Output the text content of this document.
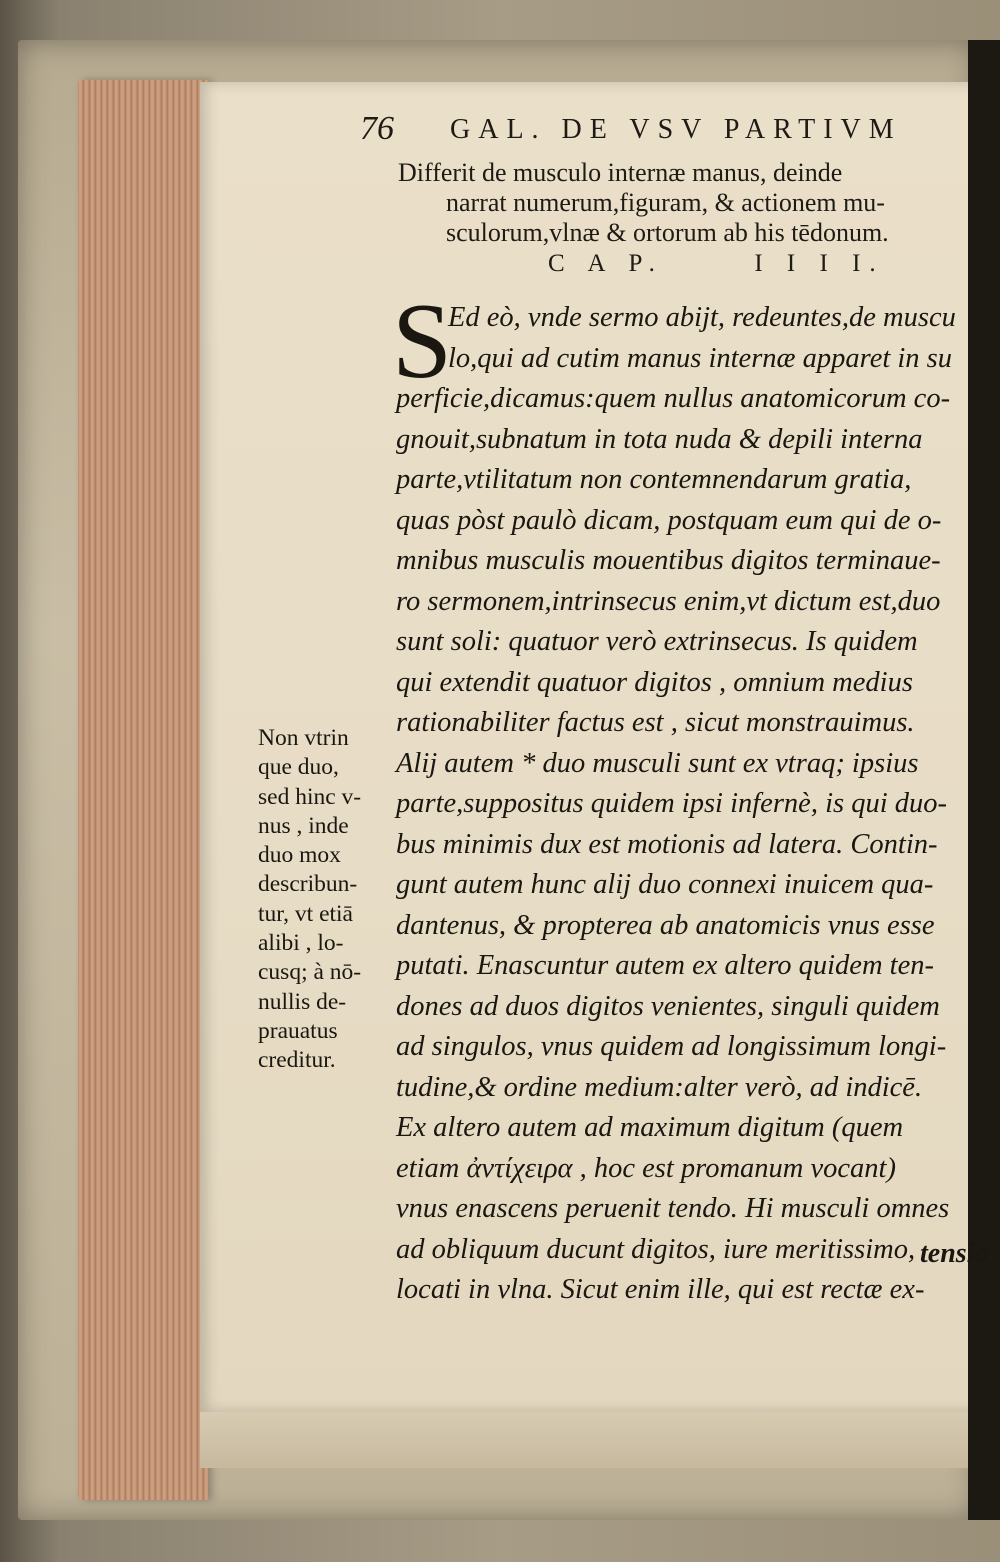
76 GAL. DE VSV PARTIVM
Differit de musculo internæ manus, deinde
narrat numerum,figuram, & actionem mu-
sculorum,vlnæ & ortorum ab his tēdonum.
C A P.	I I I I.
S
Ed eò, vnde sermo abijt, redeuntes,de muscu
lo,qui ad cutim manus internæ apparet in su
perficie,dicamus:quem nullus anatomicorum co-
gnouit,subnatum in tota nuda & depili interna
parte,vtilitatum non contemnendarum gratia,
quas pòst paulò dicam, postquam eum qui de o-
mnibus musculis mouentibus digitos terminaue-
ro sermonem,intrinsecus enim,vt dictum est,duo
sunt soli: quatuor verò extrinsecus. Is quidem
qui extendit quatuor digitos , omnium medius
rationabiliter factus est , sicut monstrauimus.
Alij autem * duo musculi sunt ex vtraq; ipsius
parte,suppositus quidem ipsi infernè, is qui duo-
bus minimis dux est motionis ad latera. Contin-
gunt autem hunc alij duo connexi inuicem qua-
dantenus, & propterea ab anatomicis vnus esse
putati. Enascuntur autem ex altero quidem ten-
dones ad duos digitos venientes, singuli quidem
ad singulos, vnus quidem ad longissimum longi-
tudine,& ordine medium:alter verò, ad indicē.
Ex altero autem ad maximum digitum (quem
etiam ἀντίχειρα , hoc est promanum vocant)
vnus enascens peruenit tendo. Hi musculi omnes
ad obliquum ducunt digitos, iure meritissimo,
locati in vlna. Sicut enim ille, qui est rectæ ex-
tensio
Non vtrin
que duo,
sed hinc v-
nus , inde
duo mox
describun-
tur, vt etiā
alibi , lo-
cusq; à nō-
nullis de-
prauatus
creditur.
